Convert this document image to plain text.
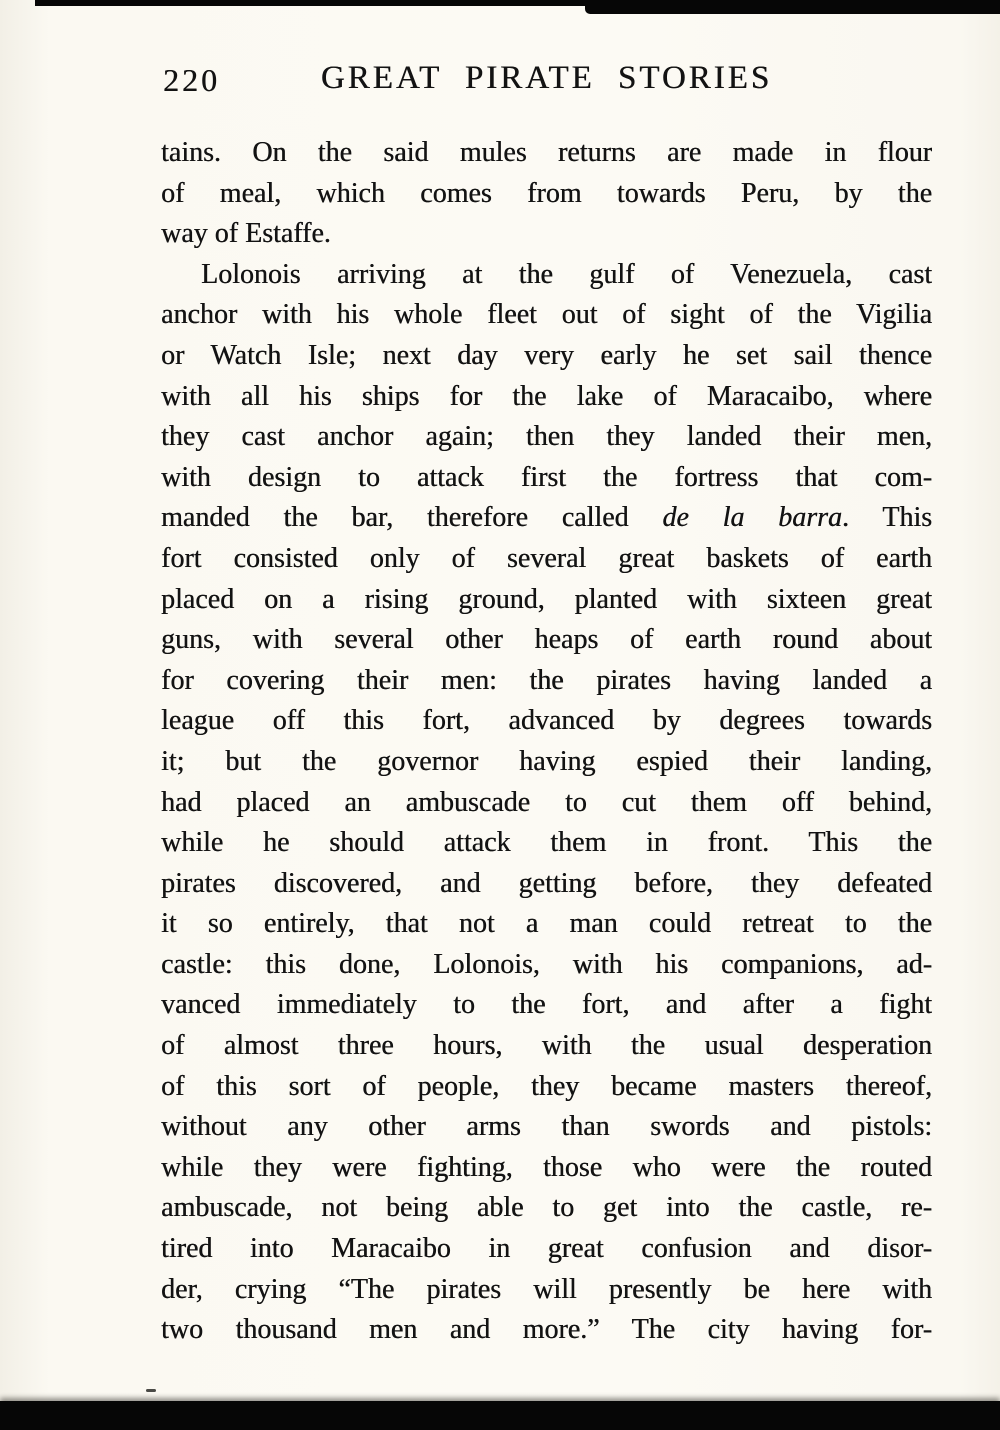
220	GREAT PIRATE STORIES
tains. On the said mules returns are made in flour
of meal, which comes from towards Peru, by the
way of Estaffe.
Lolonois arriving at the gulf of Venezuela, cast
anchor with his whole fleet out of sight of the Vigilia
or Watch Isle; next day very early he set sail thence
with all his ships for the lake of Maracaibo, where
they cast anchor again; then they landed their men,
with design to attack first the fortress that com-
manded the bar, therefore called de la barra. This
fort consisted only of several great baskets of earth
placed on a rising ground, planted with sixteen great
guns, with several other heaps of earth round about
for covering their men: the pirates having landed a
league off this fort, advanced by degrees towards
it; but the governor having espied their landing,
had placed an ambuscade to cut them off behind,
while he should attack them in front. This the
pirates discovered, and getting before, they defeated
it so entirely, that not a man could retreat to the
castle: this done, Lolonois, with his companions, ad-
vanced immediately to the fort, and after a fight
of almost three hours, with the usual desperation
of this sort of people, they became masters thereof,
without any other arms than swords and pistols:
while they were fighting, those who were the routed
ambuscade, not being able to get into the castle, re-
tired into Maracaibo in great confusion and disor-
der, crying “The pirates will presently be here with
two thousand men and more.” The city having for-
